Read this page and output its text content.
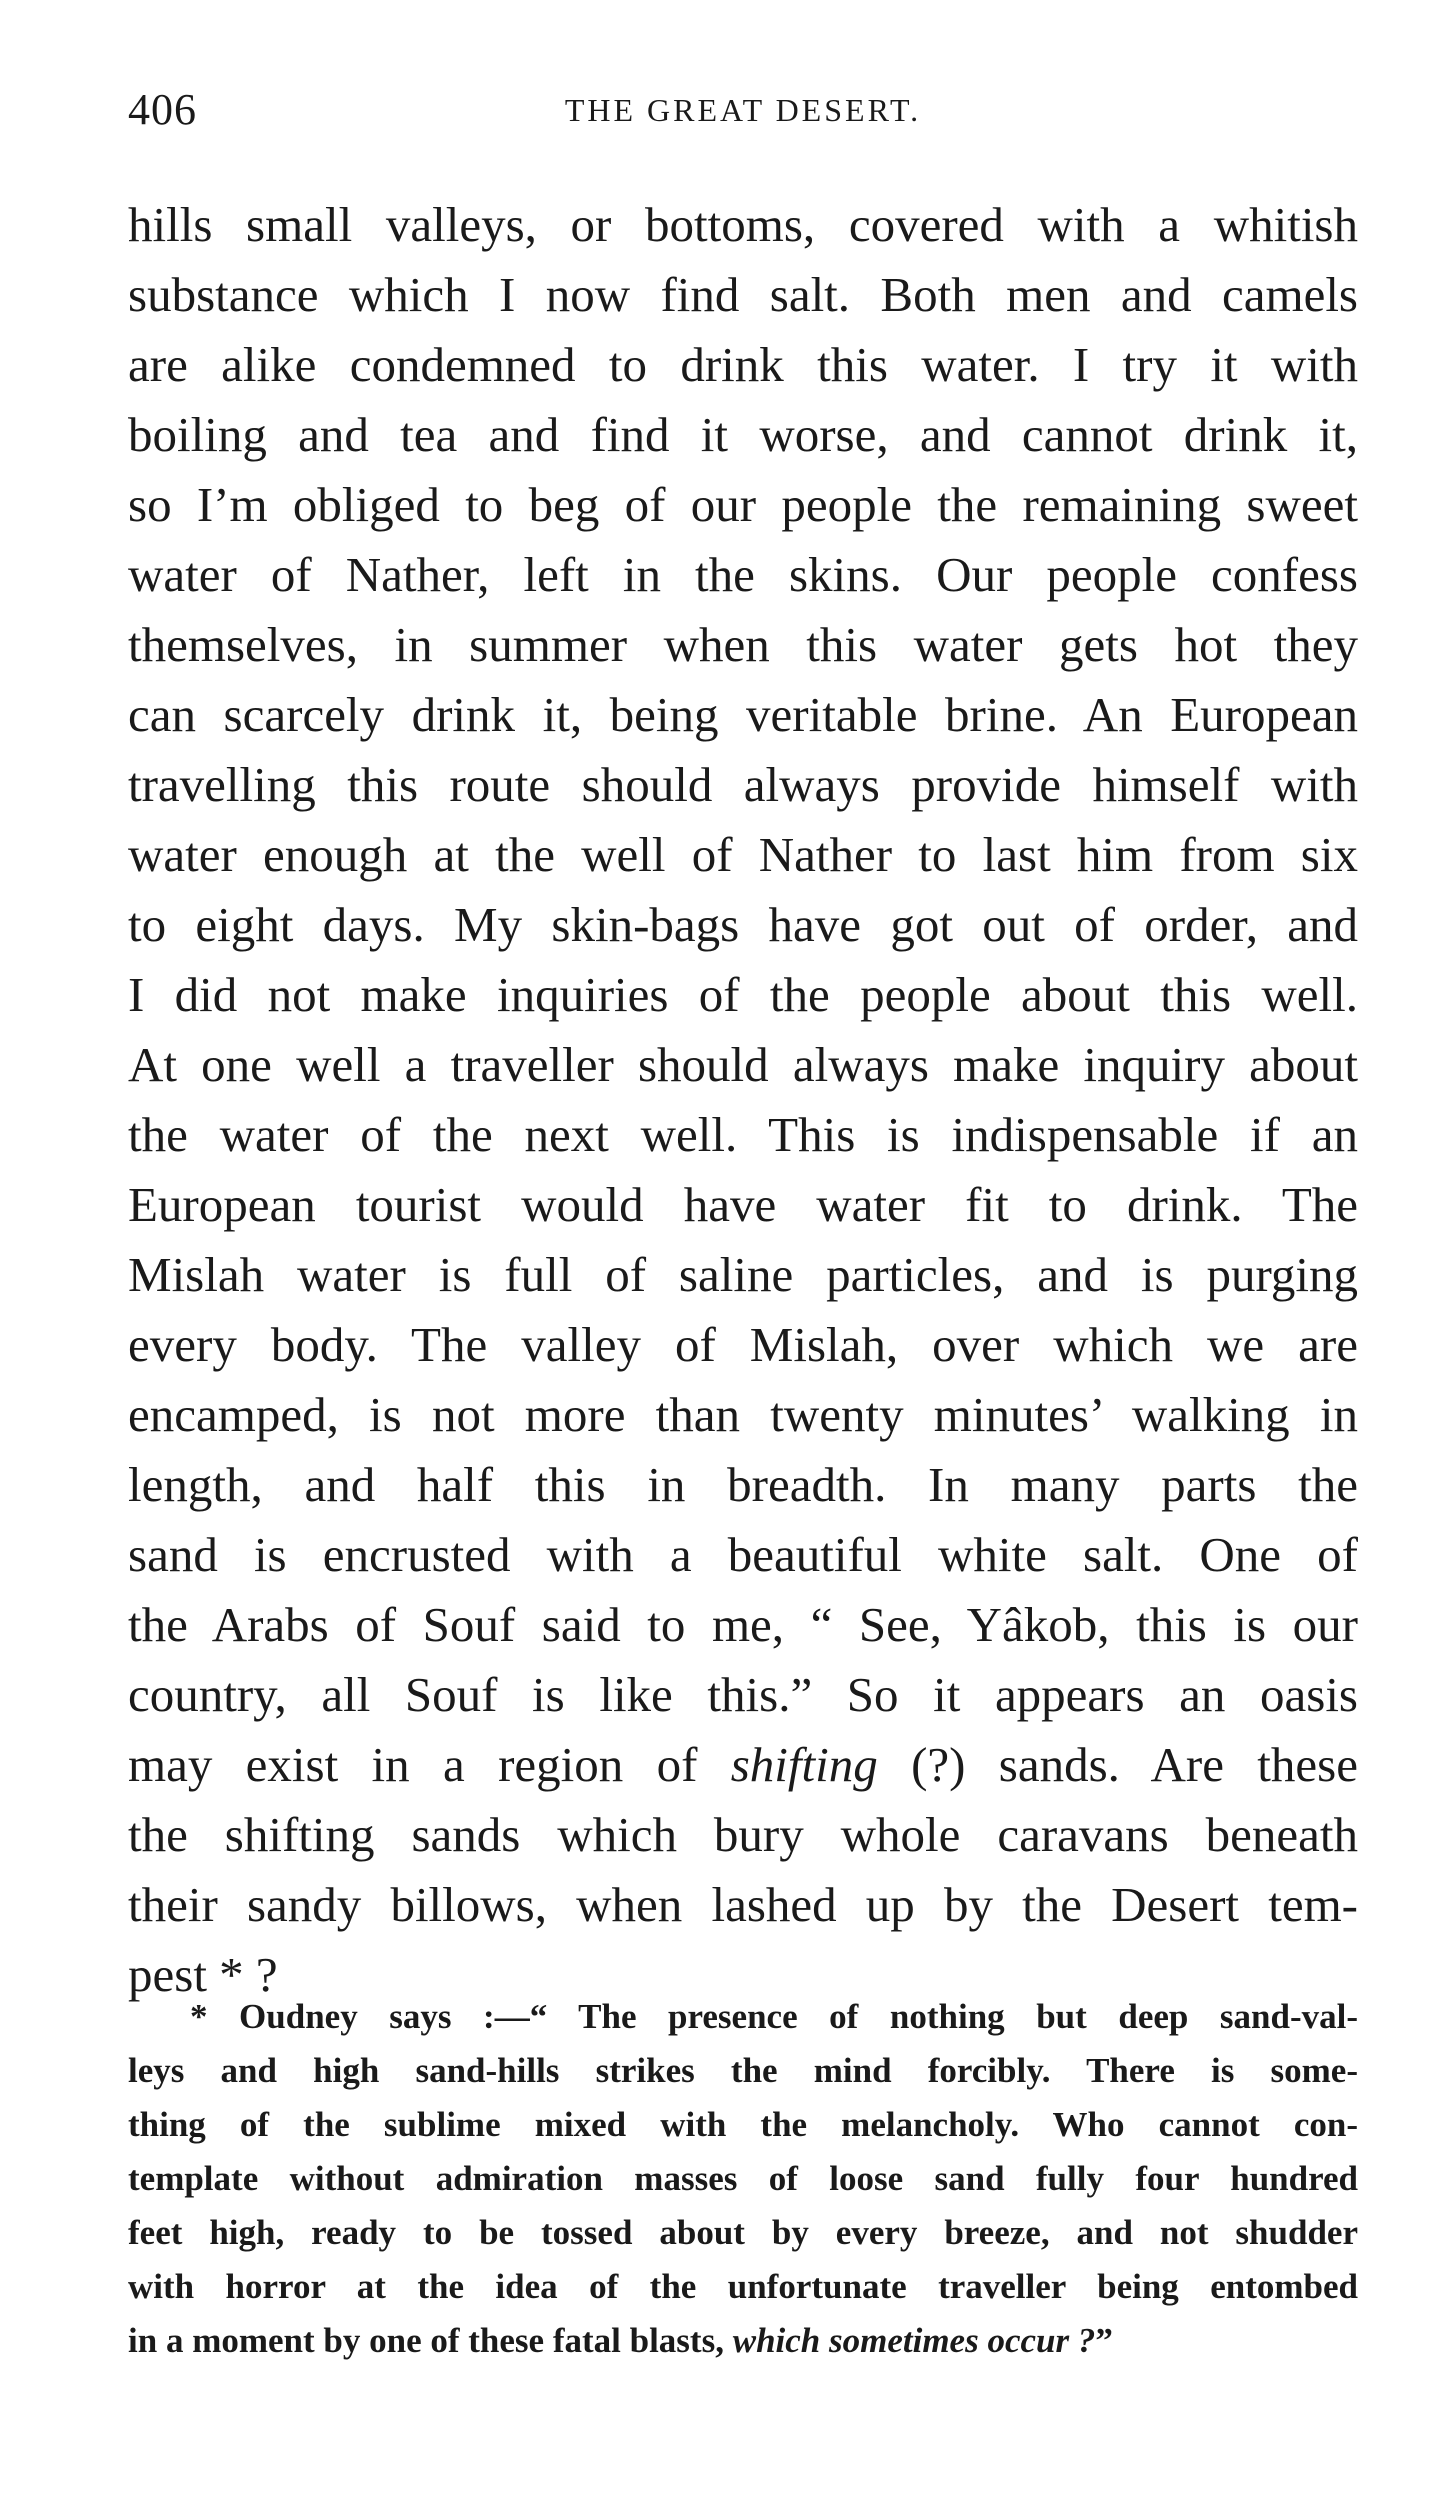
406	THE GREAT DESERT.
hills small valleys, or bottoms, covered with a whitish
substance which I now find salt. Both men and camels
are alike condemned to drink this water. I try it with
boiling and tea and find it worse, and cannot drink it,
so I’m obliged to beg of our people the remaining sweet
water of Nather, left in the skins. Our people confess
themselves, in summer when this water gets hot they
can scarcely drink it, being veritable brine. An European
travelling this route should always provide himself with
water enough at the well of Nather to last him from six
to eight days. My skin-bags have got out of order, and
I did not make inquiries of the people about this well.
At one well a traveller should always make inquiry about
the water of the next well. This is indispensable if an
European tourist would have water fit to drink. The
Mislah water is full of saline particles, and is purging
every body. The valley of Mislah, over which we are
encamped, is not more than twenty minutes’ walking in
length, and half this in breadth. In many parts the
sand is encrusted with a beautiful white salt. One of
the Arabs of Souf said to me, “ See, Yâkob, this is our
country, all Souf is like this.” So it appears an oasis
may exist in a region of shifting (?) sands. Are these
the shifting sands which bury whole caravans beneath
their sandy billows, when lashed up by the Desert tem-
pest * ?
* Oudney says :—“ The presence of nothing but deep sand-val-
leys and high sand-hills strikes the mind forcibly. There is some-
thing of the sublime mixed with the melancholy. Who cannot con-
template without admiration masses of loose sand fully four hundred
feet high, ready to be tossed about by every breeze, and not shudder
with horror at the idea of the unfortunate traveller being entombed
in a moment by one of these fatal blasts, which sometimes occur ?”
